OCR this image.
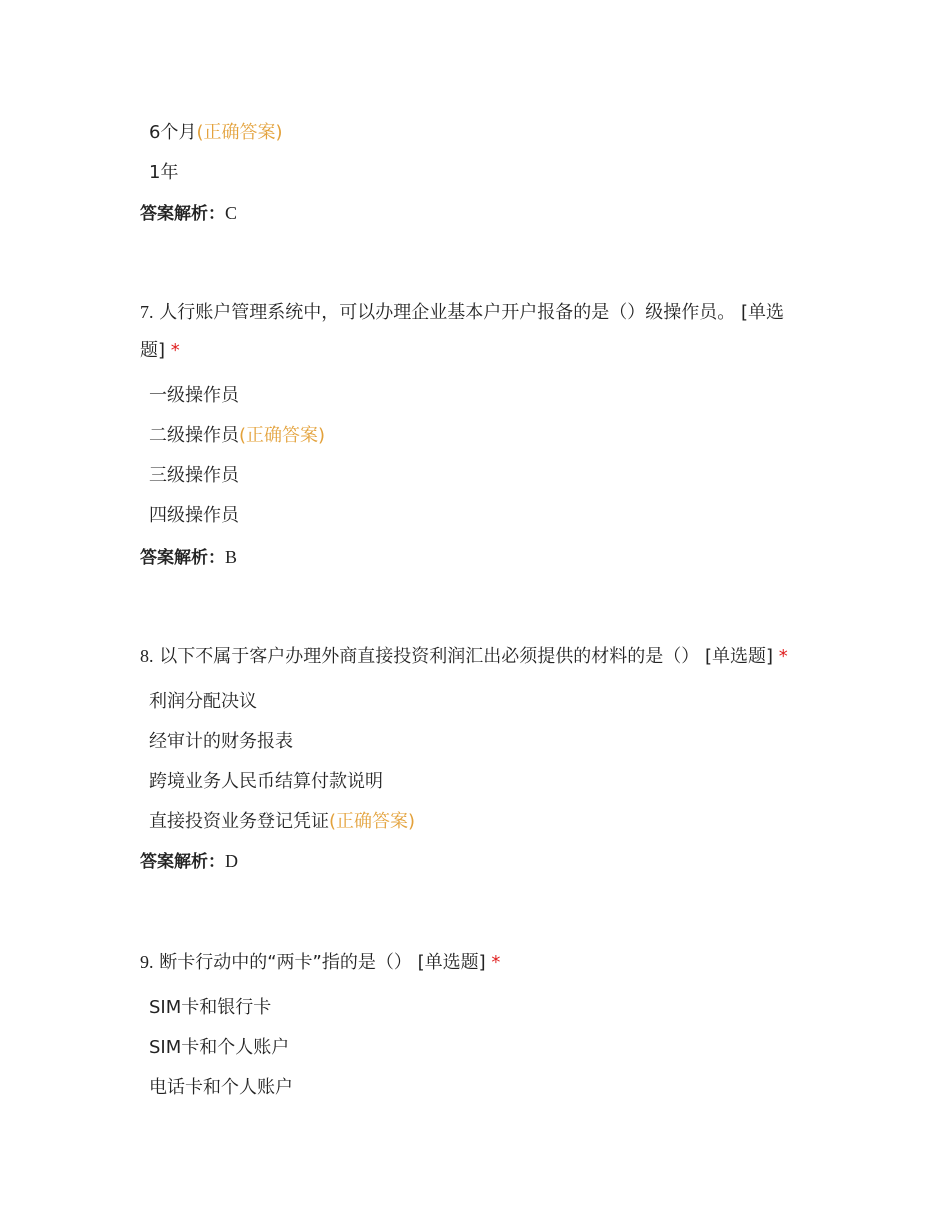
6个月(正确答案)
1年
答案解析：C
7. 人行账户管理系统中，可以办理企业基本户开户报备的是（）级操作员。 [单选
题] *
一级操作员
二级操作员(正确答案)
三级操作员
四级操作员
答案解析：B
8. 以下不属于客户办理外商直接投资利润汇出必须提供的材料的是（） [单选题] *
利润分配决议
经审计的财务报表
跨境业务人民币结算付款说明
直接投资业务登记凭证(正确答案)
答案解析：D
9. 断卡行动中的“两卡”指的是（） [单选题] *
SIM卡和银行卡
SIM卡和个人账户
电话卡和个人账户
